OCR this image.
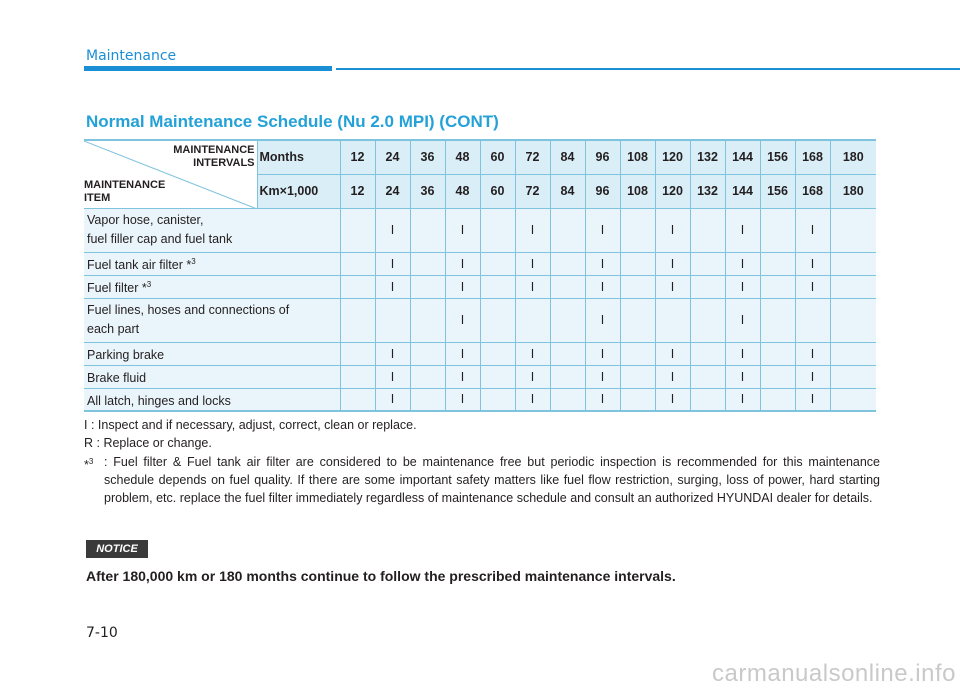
Maintenance
Normal Maintenance Schedule (Nu 2.0 MPI) (CONT)
MAINTENANCE
INTERVALS
MAINTENANCE
ITEM	Months	12	24	36	48	60	72	84	96	108	120	132	144	156	168	180
	Km×1,000	12	24	36	48	60	72	84	96	108	120	132	144	156	168	180
Vapor hose, canister,
fuel filler cap and fuel tank			I		I		I		I		I		I		I	
Fuel tank air filter *$^3$			I		I		I		I		I		I		I	
Fuel filter *$^3$			I		I		I		I		I		I		I	
Fuel lines, hoses and connections of
each part					I				I				I			
Parking brake			I		I		I		I		I		I		I	
Brake fluid			I		I		I		I		I		I		I	
All latch, hinges and locks			I		I		I		I		I		I		I	
I : Inspect and if necessary, adjust, correct, clean or replace.
R : Replace or change.
*$^3$ : Fuel filter & Fuel tank air filter are considered to be maintenance free but periodic inspection is recommended for this maintenance schedule depends on fuel quality. If there are some important safety matters like fuel flow restriction, surging, loss of power, hard starting problem, etc. replace the fuel filter immediately regardless of maintenance schedule and consult an authorized HYUNDAI dealer for details.
NOTICE
After 180,000 km or 180 months continue to follow the prescribed maintenance intervals.
7-10
carmanualsonline.info
